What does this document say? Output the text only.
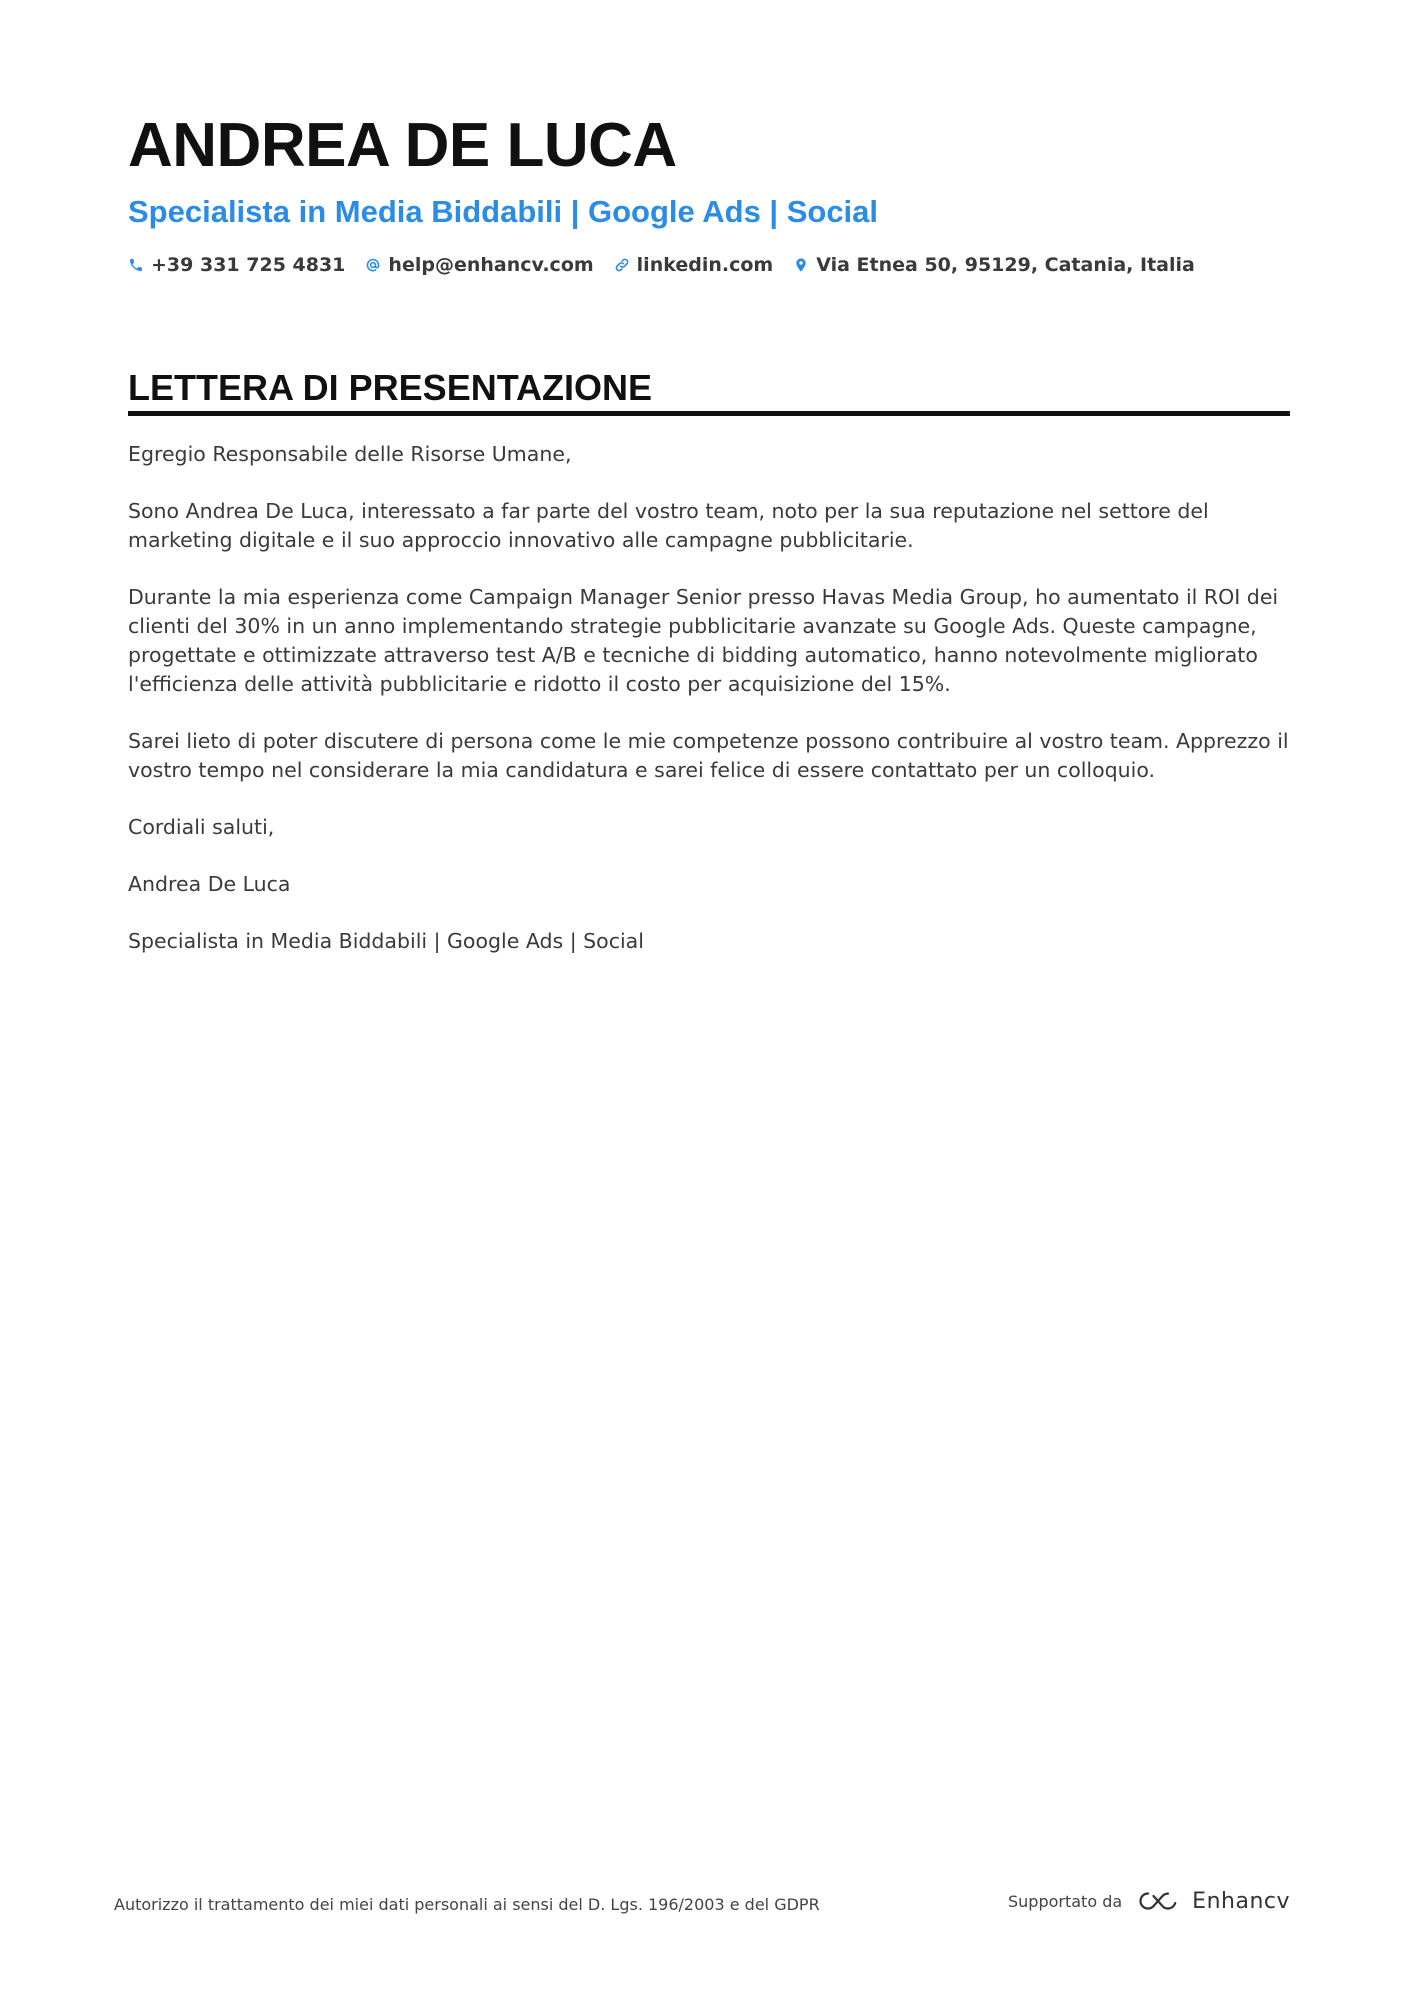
ANDREA DE LUCA
Specialista in Media Biddabili | Google Ads | Social
+39 331 725 4831 help@enhancv.com linkedin.com Via Etnea 50, 95129, Catania, Italia
LETTERA DI PRESENTAZIONE

Egregio Responsabile delle Risorse Umane,

Sono Andrea De Luca, interessato a far parte del vostro team, noto per la sua reputazione nel settore del marketing digitale e il suo approccio innovativo alle campagne pubblicitarie.

Durante la mia esperienza come Campaign Manager Senior presso Havas Media Group, ho aumentato il ROI dei clienti del 30% in un anno implementando strategie pubblicitarie avanzate su Google Ads. Queste campagne, progettate e ottimizzate attraverso test A/B e tecniche di bidding automatico, hanno notevolmente migliorato l'efficienza delle attività pubblicitarie e ridotto il costo per acquisizione del 15%.

Sarei lieto di poter discutere di persona come le mie competenze possono contribuire al vostro team. Apprezzo il vostro tempo nel considerare la mia candidatura e sarei felice di essere contattato per un colloquio.

Cordiali saluti,

Andrea De Luca

Specialista in Media Biddabili | Google Ads | Social

Autorizzo il trattamento dei miei dati personali ai sensi del D. Lgs. 196/2003 e del GDPR	Supportato da	Enhancv
